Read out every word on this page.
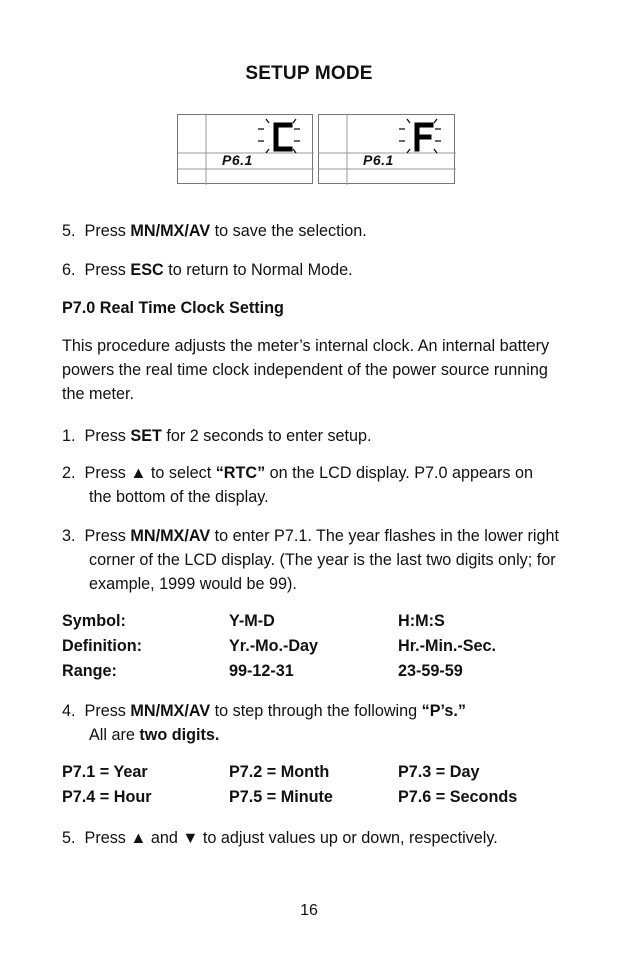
SETUP MODE
P6.1	P6.1
5. Press MN/MX/AV to save the selection.
6. Press ESC to return to Normal Mode.
P7.0 Real Time Clock Setting
This procedure adjusts the meter’s internal clock. An internal battery powers the real time clock independent of the power source running the meter.
1. Press SET for 2 seconds to enter setup.
2. Press ▲ to select “RTC” on the LCD display. P7.0 appears on the bottom of the display.
3. Press MN/MX/AV to enter P7.1. The year flashes in the lower right corner of the LCD display. (The year is the last two digits only; for example, 1999 would be 99).
Symbol:	Y-M-D	H:M:S
Definition:	Yr.-Mo.-Day	Hr.-Min.-Sec.
Range:	99-12-31	23-59-59
4. Press MN/MX/AV to step through the following “P’s.”
All are two digits.
P7.1 = Year	P7.2 = Month	P7.3 = Day
P7.4 = Hour	P7.5 = Minute	P7.6 = Seconds
5. Press ▲ and ▼ to adjust values up or down, respectively.
16
